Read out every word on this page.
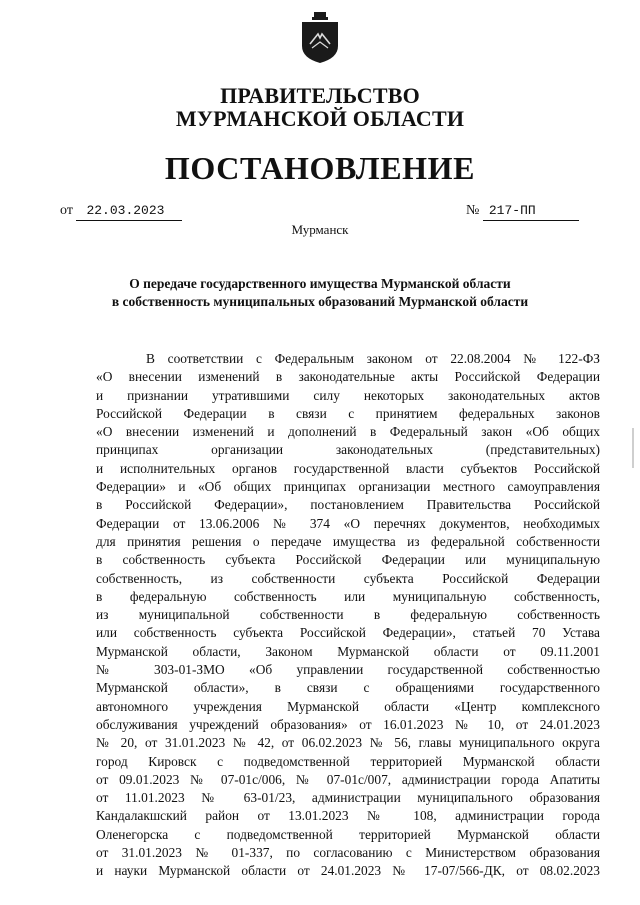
ПРАВИТЕЛЬСТВО
МУРМАНСКОЙ ОБЛАСТИ
ПОСТАНОВЛЕНИЕ
от 22.03.2023	№ 217-ПП
Мурманск
О передаче государственного имущества Мурманской области
в собственность муниципальных образований Мурманской области
В соответствии с Федеральным законом от 22.08.2004 № 122-ФЗ
«О внесении изменений в законодательные акты Российской Федерации
и признании утратившими силу некоторых законодательных актов
Российской Федерации в связи с принятием федеральных законов
«О внесении изменений и дополнений в Федеральный закон «Об общих
принципах организации законодательных (представительных)
и исполнительных органов государственной власти субъектов Российской
Федерации» и «Об общих принципах организации местного самоуправления
в Российской Федерации», постановлением Правительства Российской
Федерации от 13.06.2006 № 374 «О перечнях документов, необходимых
для принятия решения о передаче имущества из федеральной собственности
в собственность субъекта Российской Федерации или муниципальную
собственность, из собственности субъекта Российской Федерации
в федеральную собственность или муниципальную собственность,
из муниципальной собственности в федеральную собственность
или собственность субъекта Российской Федерации», статьей 70 Устава
Мурманской области, Законом Мурманской области от 09.11.2001
№ 303-01-ЗМО «Об управлении государственной собственностью
Мурманской области», в связи с обращениями государственного
автономного учреждения Мурманской области «Центр комплексного
обслуживания учреждений образования» от 16.01.2023 № 10, от 24.01.2023
№ 20, от 31.01.2023 № 42, от 06.02.2023 № 56, главы муниципального округа
город Кировск с подведомственной территорией Мурманской области
от 09.01.2023 № 07-01с/006, № 07-01с/007, администрации города Апатиты
от 11.01.2023 № 63-01/23, администрации муниципального образования
Кандалакшский район от 13.01.2023 № 108, администрации города
Оленегорска с подведомственной территорией Мурманской области
от 31.01.2023 № 01-337, по согласованию с Министерством образования
и науки Мурманской области от 24.01.2023 № 17-07/566-ДК, от 08.02.2023
